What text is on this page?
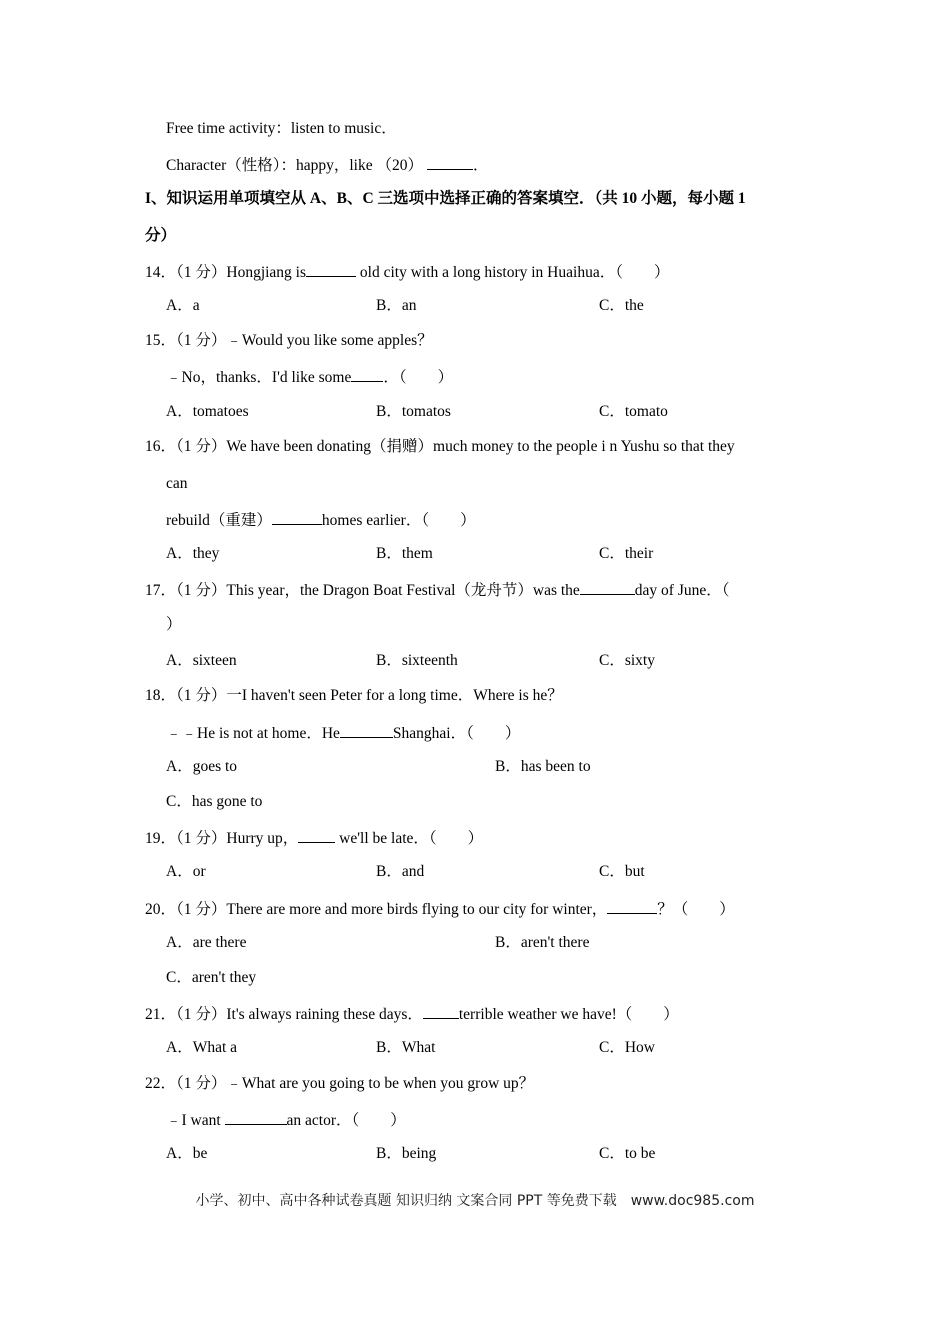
Free time activity：listen to music．
Character（性格）：happy，like （20）	．
I、知识运用单项填空从 A、B、C 三选项中选择正确的答案填空．（共 10 小题，每小题 1
分）
14．（1 分）Hongjiang is	old city with a long history in Huaihua．（　　）
A．a	B．an	C．the
15．（1 分）﹣Would you like some apples？
﹣No，thanks．I'd like some ．（　　）
A．tomatoes	B．tomatos	C．tomato
16．（1 分）We have been donating（捐赠）much money to the people i n Yushu so that they
can
rebuild（重建）	homes earlier．（　　）
A．they	B．them	C．their
17．（1 分）This year，the Dragon Boat Festival（龙舟节）was the	day of June．（
）
A．sixteen	B．sixteenth	C．sixty
18．（1 分）一I haven't seen Peter for a long time．Where is he？
﹣﹣He is not at home．He	Shanghai．（　　）
A．goes to	B．has been to
C．has gone to
19．（1 分）Hurry up， we'll be late．（　　）
A．or	B．and	C．but
20．（1 分）There are more and more birds flying to our city for winter，	？（　　）
A．are there	B．aren't there
C．aren't they
21．（1 分）It's always raining these days． terrible weather we have!（　　）
A．What a	B．What	C．How
22．（1 分）﹣What are you going to be when you grow up？
﹣I want	an actor．（　　）
A．be	B．being	C．to be
小学、初中、高中各种试卷真题 知识归纳 文案合同 PPT 等免费下载　www.doc985.com
